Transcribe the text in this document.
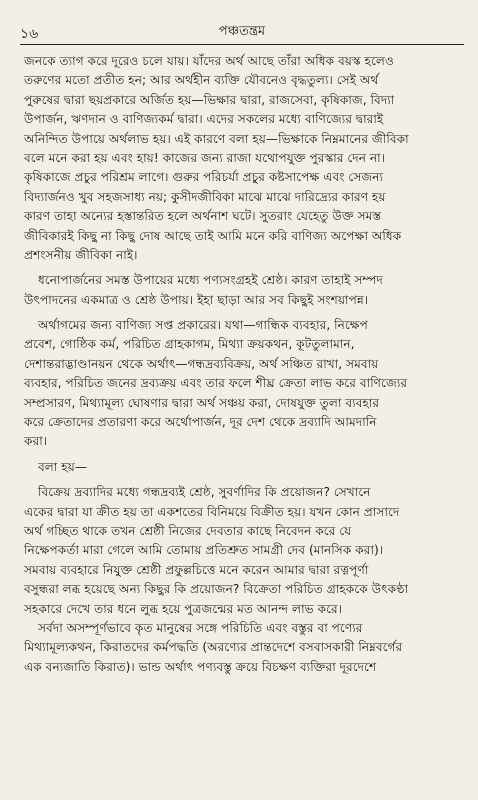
১৬	পঞ্চতন্ত্রম
জনকে ত্যাগ করে দূরেও চলে যায়। যাঁদের অর্থ আছে তাঁরা অধিক বয়স্ক হলেও
তরুণের মতো প্রতীত হন; আর অর্থহীন ব্যক্তি যৌবনেও বৃদ্ধতুল্য। সেই অর্থ
পুরুষের দ্বারা ছয়প্রকারে অর্জিত হয়—ভিক্ষার দ্বারা, রাজসেবা, কৃষিকাজ, বিদ্যা
উপার্জন, ঋণদান ও বাণিজ্যকর্ম দ্বারা। এদের সকলের মধ্যে বাণিজ্যের দ্বারাই
অনিন্দিত উপায়ে অর্থলাভ হয়। এই কারণে বলা হয়—ভিক্ষাকে নিম্নমানের জীবিকা
বলে মনে করা হয় এবং হায়! কাজের জন্য রাজা যথোপযুক্ত পুরস্কার দেন না।
কৃষিকাজে প্রচুর পরিশ্রম লাগে। গুরুর পরিচর্যা প্রচুর কষ্টসাপেক্ষ এবং সেজন্য
বিদ্যার্জনও খুব সহজসাধ্য নয়; কুসীদজীবিকা মাঝে মাঝে দারিদ্র্যের কারণ হয়
কারণ তাহা অন্যের হস্তান্তরিত হলে অর্থনাশ ঘটে। সুতরাং যেহেতু উক্ত সমস্ত
জীবিকারই কিছু না কিছু দোষ আছে তাই আমি মনে করি বাণিজ্য অপেক্ষা অধিক
প্রশংসনীয় জীবিকা নাই।
ধনোপার্জনের সমস্ত উপায়ের মধ্যে পণ্যসংগ্রহই শ্রেষ্ঠ। কারণ তাহাই সম্পদ
উৎপাদনের একমাত্র ও শ্রেষ্ঠ উপায়। ইহা ছাড়া আর সব কিছুই সংশয়াপন্ন।
অর্থাগমের জন্য বাণিজ্য সপ্ত প্রকারের। যথা—গান্ধিক ব্যবহার, নিক্ষেপ
প্রবেশ, গোষ্ঠিক কর্ম, পরিচিত গ্রাহকাগম, মিথ্যা ক্রয়কথন, কূটতুলামান,
দেশান্তরাদ্ভাণ্ডানয়ন থেকে অর্থাৎ—গন্ধদ্রব্যবিক্রয়, অর্থ সঞ্চিত রাখা, সমবায়
ব্যবহার, পরিচিত জনের দ্রব্যক্রয় এবং তার ফলে শীঘ্র ক্রেতা লাভ করে বাণিজ্যের
সম্প্রসারণ, মিথ্যামূল্য ঘোষণার দ্বারা অর্থ সঞ্চয় করা, দোষযুক্ত তুলা ব্যবহার
করে ক্রেতাদের প্রতারণা করে অর্থোপার্জন, দূর দেশ থেকে দ্রব্যাদি আমদানি
করা।
বলা হয়—
বিক্রেয় দ্রব্যাদির মধ্যে গন্ধদ্রব্যই শ্রেষ্ঠ, সুবর্ণাদির কি প্রয়োজন? সেখানে
একের দ্বারা যা ক্রীত হয় তা একশতের বিনিময়ে বিক্রীত হয়। যখন কোন প্রাসাদে
অর্থ গচ্ছিত থাকে তখন শ্রেষ্ঠী নিজের দেবতার কাছে নিবেদন করে যে
নিক্ষেপকর্তা মারা গেলে আমি তোমায় প্রতিশ্রুত সামগ্রী দেব (মানসিক করা)।
সমবায় ব্যবহারে নিযুক্ত শ্রেষ্ঠী প্রফুল্লচিত্তে মনে করেন আমার দ্বারা রত্নপূর্ণা
বসুন্ধরা লব্ধ হয়েছে অন্য কিছুর কি প্রয়োজন? বিক্রেতা পরিচিত গ্রাহককে উৎকণ্ঠা
সহকারে দেখে তার ধনে লুব্ধ হয়ে পুত্রজন্মের মত আনন্দ লাভ করে।
সর্বদা অসম্পূর্ণভাবে কৃত মানুষের সঙ্গে পরিচিতি এবং বস্তুর বা পণ্যের
মিথ্যামূল্যকথন, কিরাতদের কর্মপদ্ধতি (অরণ্যের প্রান্তদেশে বসবাসকারী নিম্নবর্গের
এক বন্যজাতি কিরাত)। ভান্ড অর্থাৎ পণ্যবস্তু ক্রয়ে বিচক্ষণ ব্যক্তিরা দূরদেশে
